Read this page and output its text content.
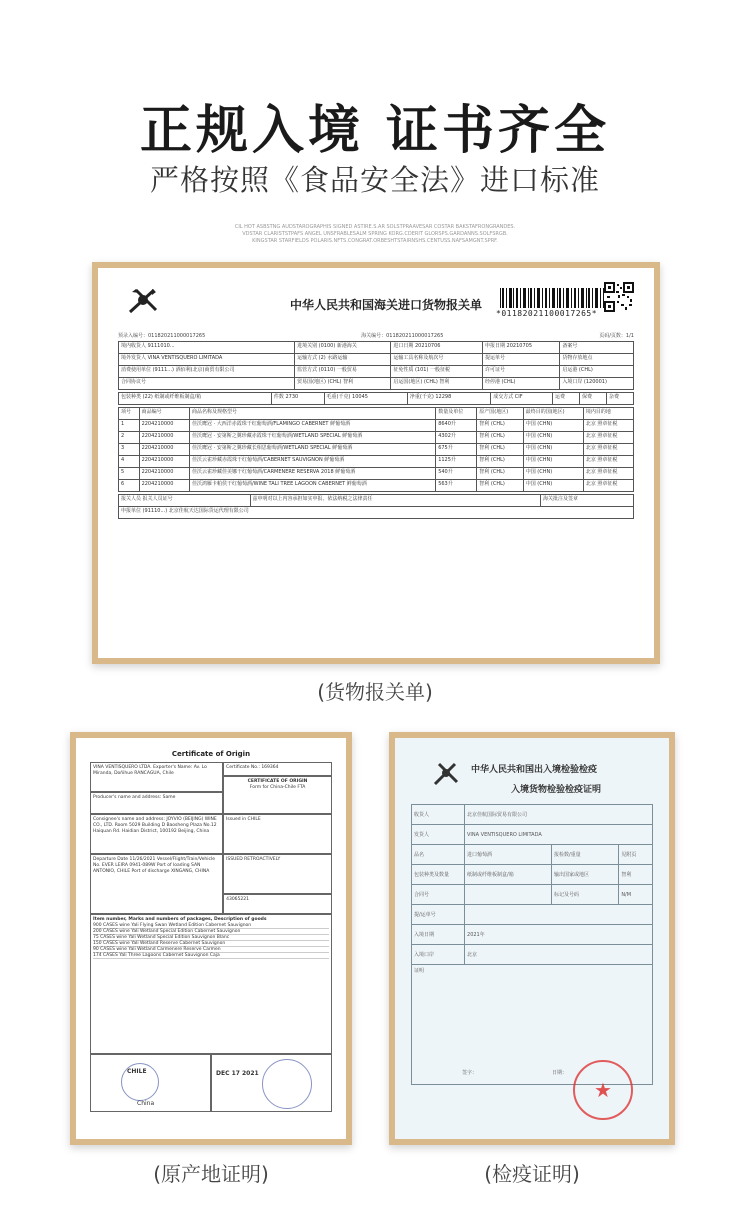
正规入境 证书齐全
严格按照《食品安全法》进口标准
CIL HOT ASBSTNG AUDSTAROGRAPHIS SIGNED ASTIRE.S.AR SOLSTPRAAVESAR COSTAR BAKSTAFRONGRANDES.
VDSTAR CLARISTSTPAFS ANGEL UNSFRABLESALM SPRING KORG.CDERIT GLORSPS.GARDANNS.SOLFSRGB.
KINGSTAR STARFIELDS POLARIS.NFTS.CONGRAT.ORBESHTSTAIRNSHS.CENTUSS.NAFSAMGNT.SPRF.
中华人民共和国海关进口货物报关单
*01182021100017265*
预录入编号：011820211000017265	海关编号：011820211000017265	页码/页数：1/1
境内收货人 9111010...	进境关别 (0100) 新港海关	进口日期 20210706	申报日期 20210705	备案号
境外发货人 VINA VENTISQUERO LIMITADA	运输方式 (2) 水路运输	运输工具名称及航次号	提运单号	货物存放地点
消费使用单位 (9111...) 酒佰利(北京)商贸有限公司	监管方式 (0110) 一般贸易	征免性质 (101) 一般征税	许可证号	启运港 (CHL)
合同协议号	贸易国(地区) (CHL) 智利	启运国(地区) (CHL) 智利	经停港 (CHL)	入境口岸 (120001)
包装种类 (22) 纸制或纤维板制盒/箱	件数 2730	毛重(千克) 10045	净重(千克) 12298	成交方式 CIF	运费	保费	杂费
项号	商品编号	商品名称及规格型号	数量及单位	原产国(地区)	最终目的国(地区)	境内目的地
1	2204210000	佳沃鹰冠 · 大西洋赤霞珠干红葡萄酒/FLAMINGO CABERNET 鲜葡萄酒	8640升	智利 (CHL)	中国 (CHN)	北京 照章征税
2	2204210000	佳沃鹰冠 · 安第斯之翼珍藏赤霞珠干红葡萄酒/WETLAND SPECIAL 鲜葡萄酒	4302升	智利 (CHL)	中国 (CHN)	北京 照章征税
3	2204210000	佳沃鹰冠 · 安第斯之翼珍藏长相思葡萄酒/WETLAND SPECIAL 鲜葡萄酒	675升	智利 (CHL)	中国 (CHN)	北京 照章征税
4	2204210000	佳沃云雀珍藏赤霞珠干红葡萄酒/CABERNET SAUVIGNON 鲜葡萄酒	1125升	智利 (CHL)	中国 (CHN)	北京 照章征税
5	2204210000	佳沃云雀珍藏佳美娜干红葡萄酒/CARMENERE RESERVA 2018 鲜葡萄酒	540升	智利 (CHL)	中国 (CHN)	北京 照章征税
6	2204210000	佳沃鸿雁卡帕侯干红葡萄酒/WINE TALI TREE LAGOON CABERNET 鲜葡萄酒	563升	智利 (CHL)	中国 (CHN)	北京 照章征税
报关人员 报关人员证号	兹申明对以上内容承担如实申报、依法纳税之法律责任	海关批注及签章
申报单位 (91110...) 北京佳航天达国际货运代理有限公司
(货物报关单)
Certificate of Origin
VINA VENTISQUERO LTDA. Exporter's Name: Av. Lo Miranda, Doñihue RANCAGUA, Chile
Producer's name and address: Same
Consignee's name and address: JOYVIO (BEIJING) WINE CO., LTD. Room 5029 Building D Baosheng Plaza No.12 Haiquan Rd. Haidian District, 100192 Beijing, China
Departure Date 11/26/2021 Vessel/Flight/Train/Vehicle No. EVER LEIRA 0941-089W Port of loading SAN ANTONIO, CHILE Port of discharge XINGANG, CHINA
Certificate No.: 169364
CERTIFICATE OF ORIGIN
Form for China-Chile FTA
Issued in CHILE
ISSUED RETROACTIVELY
43065221
Item number, Marks and numbers of packages, Description of goods
900 CASES wine Yali Flying Swan Wetland Edition Cabernet Sauvignon
200 CASES wine Yali Wetland Special Edition Cabernet Sauvignon
75 CASES wine Yali Wetland Special Edition Sauvignon Blanc
150 CASES wine Yali Wetland Reserve Cabernet Sauvignon
90 CASES wine Yali Wetland Carmenere Reserve Carmen
174 CASES Yali Three Lagoons Cabernet Sauvignon Caja
CHILE
China
DEC 17 2021
(原产地证明)
中华人民共和国出入境检验检疫
入境货物检验检疫证明
收货人	北京佳航国际贸易有限公司		
发货人	VINA VENTISQUERO LIMITADA		
品名	进口葡萄酒	报检数/重量	见附页
包装种类及数量	纸制或纤维板制盒/箱	输出国家或地区	智利
合同号		标记及号码	N/M
提/运单号			
入境日期	2021年		
入境口岸	北京		

证明
签字： 日期：			
★
(检疫证明)
